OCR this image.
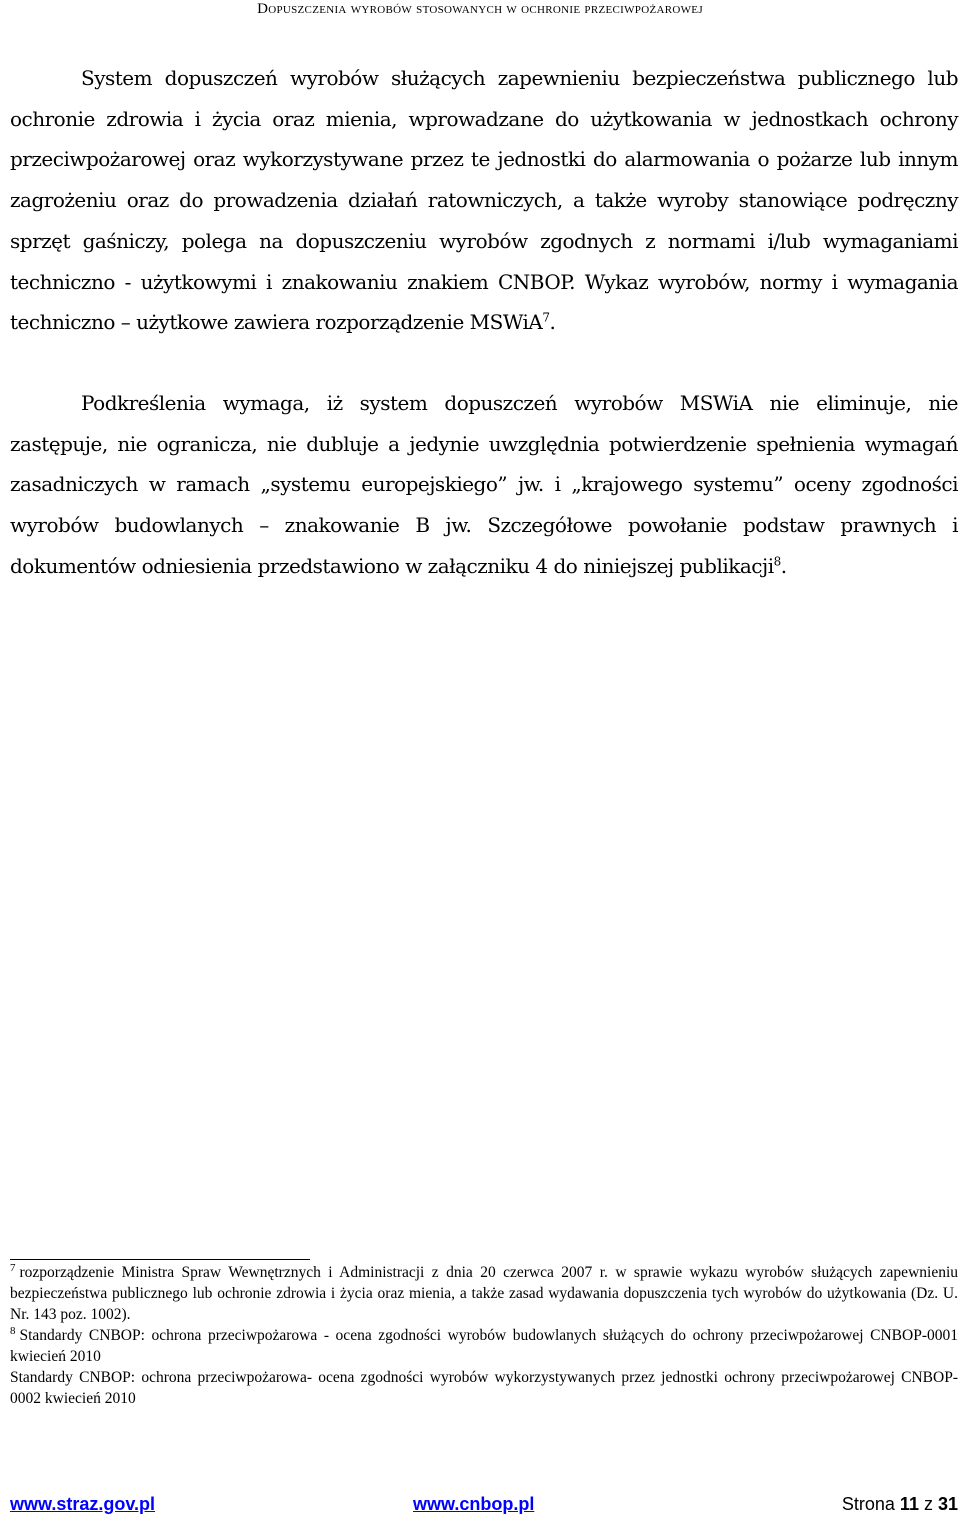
Dopuszczenia wyrobów stosowanych w ochronie przeciwpożarowej

System dopuszczeń wyrobów służących zapewnieniu bezpieczeństwa publicznego lub ochronie zdrowia i życia oraz mienia, wprowadzane do użytkowania w jednostkach ochrony przeciwpożarowej oraz wykorzystywane przez te jednostki do alarmowania o pożarze lub innym zagrożeniu oraz do prowadzenia działań ratowniczych, a także wyroby stanowiące podręczny sprzęt gaśniczy, polega na dopuszczeniu wyrobów zgodnych z normami i/lub wymaganiami techniczno - użytkowymi i znakowaniu znakiem CNBOP. Wykaz wyrobów, normy i wymagania techniczno – użytkowe zawiera rozporządzenie MSWiA$^7$.

Podkreślenia wymaga, iż system dopuszczeń wyrobów MSWiA nie eliminuje, nie zastępuje, nie ogranicza, nie dubluje a jedynie uwzględnia potwierdzenie spełnienia wymagań zasadniczych w ramach „systemu europejskiego” jw. i „krajowego systemu” oceny zgodności wyrobów budowlanych – znakowanie B jw. Szczegółowe powołanie podstaw prawnych i dokumentów odniesienia przedstawiono w załączniku 4 do niniejszej publikacji$^8$.

$^7$ rozporządzenie Ministra Spraw Wewnętrznych i Administracji z dnia 20 czerwca 2007 r. w sprawie wykazu wyrobów służących zapewnieniu bezpieczeństwa publicznego lub ochronie zdrowia i życia oraz mienia, a także zasad wydawania dopuszczenia tych wyrobów do użytkowania (Dz. U. Nr. 143 poz. 1002).

$^8$ Standardy CNBOP: ochrona przeciwpożarowa - ocena zgodności wyrobów budowlanych służących do ochrony przeciwpożarowej CNBOP-0001 kwiecień 2010

Standardy CNBOP: ochrona przeciwpożarowa- ocena zgodności wyrobów wykorzystywanych przez jednostki ochrony przeciwpożarowej CNBOP-0002 kwiecień 2010

www.straz.gov.pl	www.cnbop.pl	Strona 11 z 31
